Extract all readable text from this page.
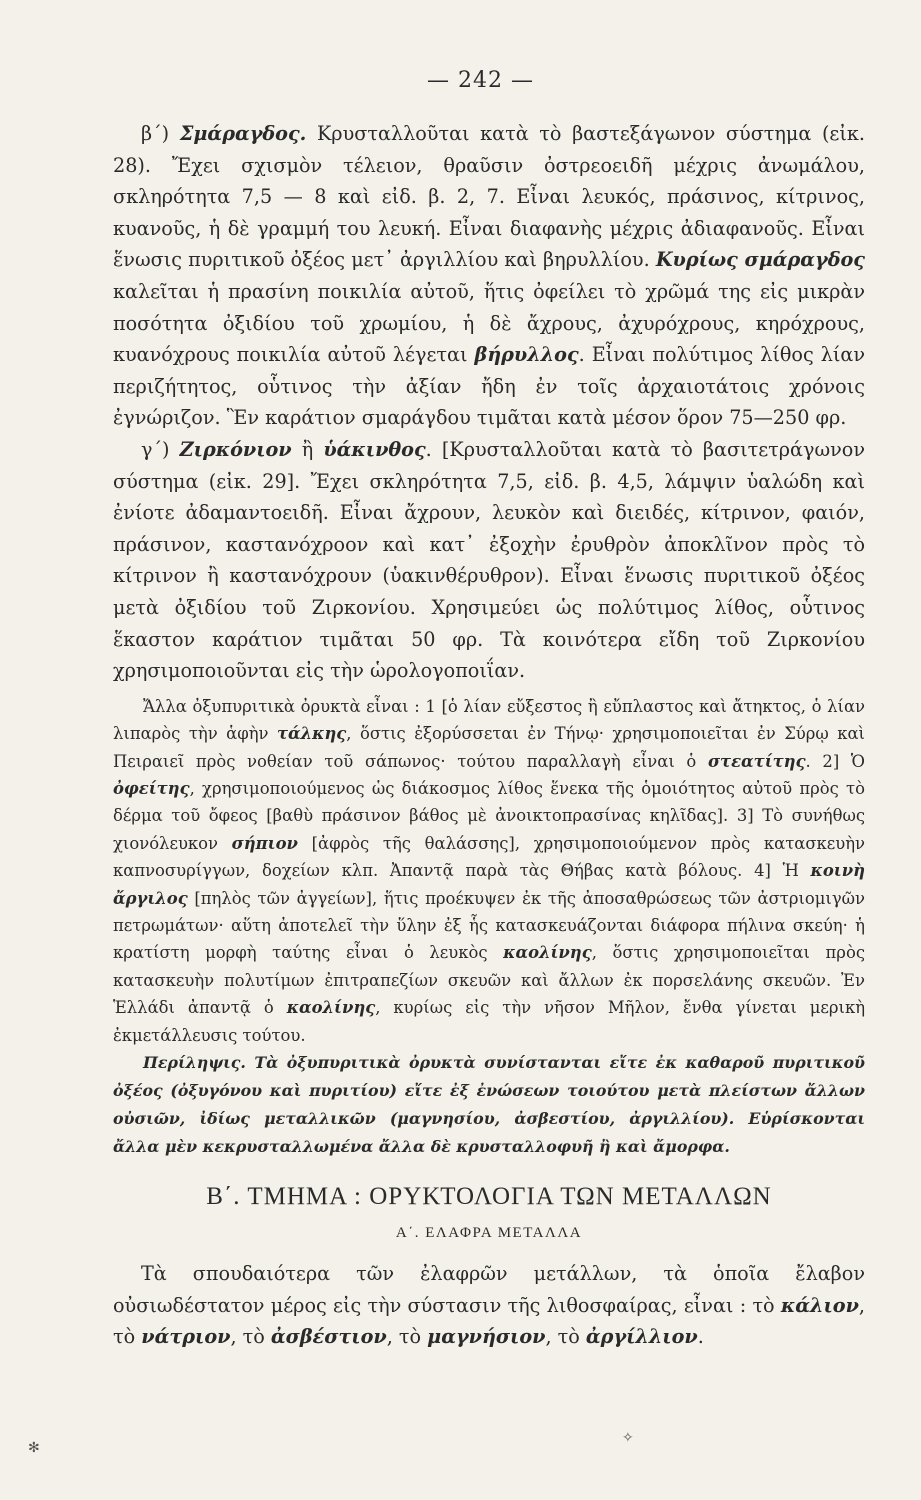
— 242 —

β΄) Σμάραγδος. Κρυσταλλοῦται κατὰ τὸ βαστεξάγωνον σύστημα (εἰκ. 28). Ἔχει σχισμὸν τέλειον, θραῦσιν ὀστρεοειδῆ μέχρις ἀνωμάλου, σκληρότητα 7,5 — 8 καὶ εἰδ. β. 2, 7. Εἶναι λευκός, πράσινος, κίτρινος, κυανοῦς, ἡ δὲ γραμμή του λευκή. Εἶναι διαφανὴς μέχρις ἀδιαφανοῦς. Εἶναι ἕνωσις πυριτικοῦ ὀξέος μετ᾿ ἀργιλλίου καὶ βηρυλλίου. Κυρίως σμάραγδος καλεῖται ἡ πρασίνη ποικιλία αὐτοῦ, ἥτις ὀφείλει τὸ χρῶμά της εἰς μικρὰν ποσότητα ὀξιδίου τοῦ χρωμίου, ἡ δὲ ἄχρους, ἀχυρόχρους, κηρόχρους, κυανόχρους ποικιλία αὐτοῦ λέγεται βήρυλλος. Εἶναι πολύτιμος λίθος λίαν περιζήτητος, οὗτινος τὴν ἀξίαν ἤδη ἐν τοῖς ἀρχαιοτάτοις χρόνοις ἐγνώριζον. Ἓν καράτιον σμαράγδου τιμᾶται κατὰ μέσον ὅρον 75—250 φρ.

γ΄) Ζιρκόνιον ἢ ὑάκινθος. [Κρυσταλλοῦται κατὰ τὸ βασιτετράγωνον σύστημα (εἰκ. 29]. Ἔχει σκληρότητα 7,5, εἰδ. β. 4,5, λάμψιν ὑαλώδη καὶ ἐνίοτε ἀδαμαντοειδῆ. Εἶναι ἄχρουν, λευκὸν καὶ διειδές, κίτρινον, φαιόν, πράσινον, καστανόχροον καὶ κατ᾿ ἐξοχὴν ἐρυθρὸν ἀποκλῖνον πρὸς τὸ κίτρινον ἢ καστανόχρουν (ὑακινθέρυθρον). Εἶναι ἕνωσις πυριτικοῦ ὀξέος μετὰ ὀξιδίου τοῦ Ζιρκονίου. Χρησιμεύει ὡς πολύτιμος λίθος, οὗτινος ἕκαστον καράτιον τιμᾶται 50 φρ. Τὰ κοινότερα εἴδη τοῦ Ζιρκονίου χρησιμοποιοῦνται εἰς τὴν ὡρολογοποιΐαν.

Ἄλλα ὀξυπυριτικὰ ὀρυκτὰ εἶναι : 1 [ὁ λίαν εὔξεστος ἢ εὔπλαστος καὶ ἄτηκτος, ὁ λίαν λιπαρὸς τὴν ἁφὴν τάλκης, ὅστις ἐξορύσσεται ἐν Τήνῳ· χρησιμοποιεῖται ἐν Σύρῳ καὶ Πειραιεῖ πρὸς νοθείαν τοῦ σάπωνος· τούτου παραλλαγὴ εἶναι ὁ στεατίτης. 2] Ὁ ὀφείτης, χρησιμοποιούμενος ὡς διάκοσμος λίθος ἕνεκα τῆς ὁμοιότητος αὐτοῦ πρὸς τὸ δέρμα τοῦ ὄφεος [βαθὺ πράσινον βάθος μὲ ἀνοικτοπρασίνας κηλῖδας]. 3] Τὸ συνήθως χιονόλευκον σήπιον [ἀφρὸς τῆς θαλάσσης], χρησιμοποιούμενον πρὸς κατασκευὴν καπνοσυρίγγων, δοχείων κλπ. Ἀπαντᾷ παρὰ τὰς Θήβας κατὰ βόλους. 4] Ἡ κοινὴ ἄργιλος [πηλὸς τῶν ἀγγείων], ἥτις προέκυψεν ἐκ τῆς ἀποσαθρώσεως τῶν ἀστριομιγῶν πετρωμάτων· αὕτη ἀποτελεῖ τὴν ὕλην ἐξ ἧς κατασκευάζονται διάφορα πήλινα σκεύη· ἡ κρατίστη μορφὴ ταύτης εἶναι ὁ λευκὸς καολίνης, ὅστις χρησιμοποιεῖται πρὸς κατασκευὴν πολυτίμων ἐπιτραπεζίων σκευῶν καὶ ἄλλων ἐκ πορσελάνης σκευῶν. Ἐν Ἑλλάδι ἀπαντᾷ ὁ καολίνης, κυρίως εἰς τὴν νῆσον Μῆλον, ἔνθα γίνεται μερικὴ ἐκμετάλλευσις τούτου.

Περίληψις. Τὰ ὀξυπυριτικὰ ὀρυκτὰ συνίστανται εἴτε ἐκ καθαροῦ πυριτικοῦ ὀξέος (ὀξυγόνου καὶ πυριτίου) εἴτε ἐξ ἐνώσεων τοιούτου μετὰ πλείστων ἄλλων οὐσιῶν, ἰδίως μεταλλικῶν (μαγνησίου, ἀσβεστίου, ἀργιλλίου). Εὑρίσκονται ἄλλα μὲν κεκρυσταλλωμένα ἄλλα δὲ κρυσταλλοφυῆ ἢ καὶ ἄμορφα.

Β΄. ΤΜΗΜΑ : ΟΡΥΚΤΟΛΟΓΙΑ ΤΩΝ ΜΕΤΑΛΛΩΝ
Α΄. ΕΛΑΦΡΑ ΜΕΤΑΛΛΑ

Τὰ σπουδαιότερα τῶν ἐλαφρῶν μετάλλων, τὰ ὁποῖα ἔλαβον οὐσιωδέστατον μέρος εἰς τὴν σύστασιν τῆς λιθοσφαίρας, εἶναι : τὸ κάλιον, τὸ νάτριον, τὸ ἀσβέστιον, τὸ μαγνήσιον, τὸ ἀργίλλιον.

✻
✧
